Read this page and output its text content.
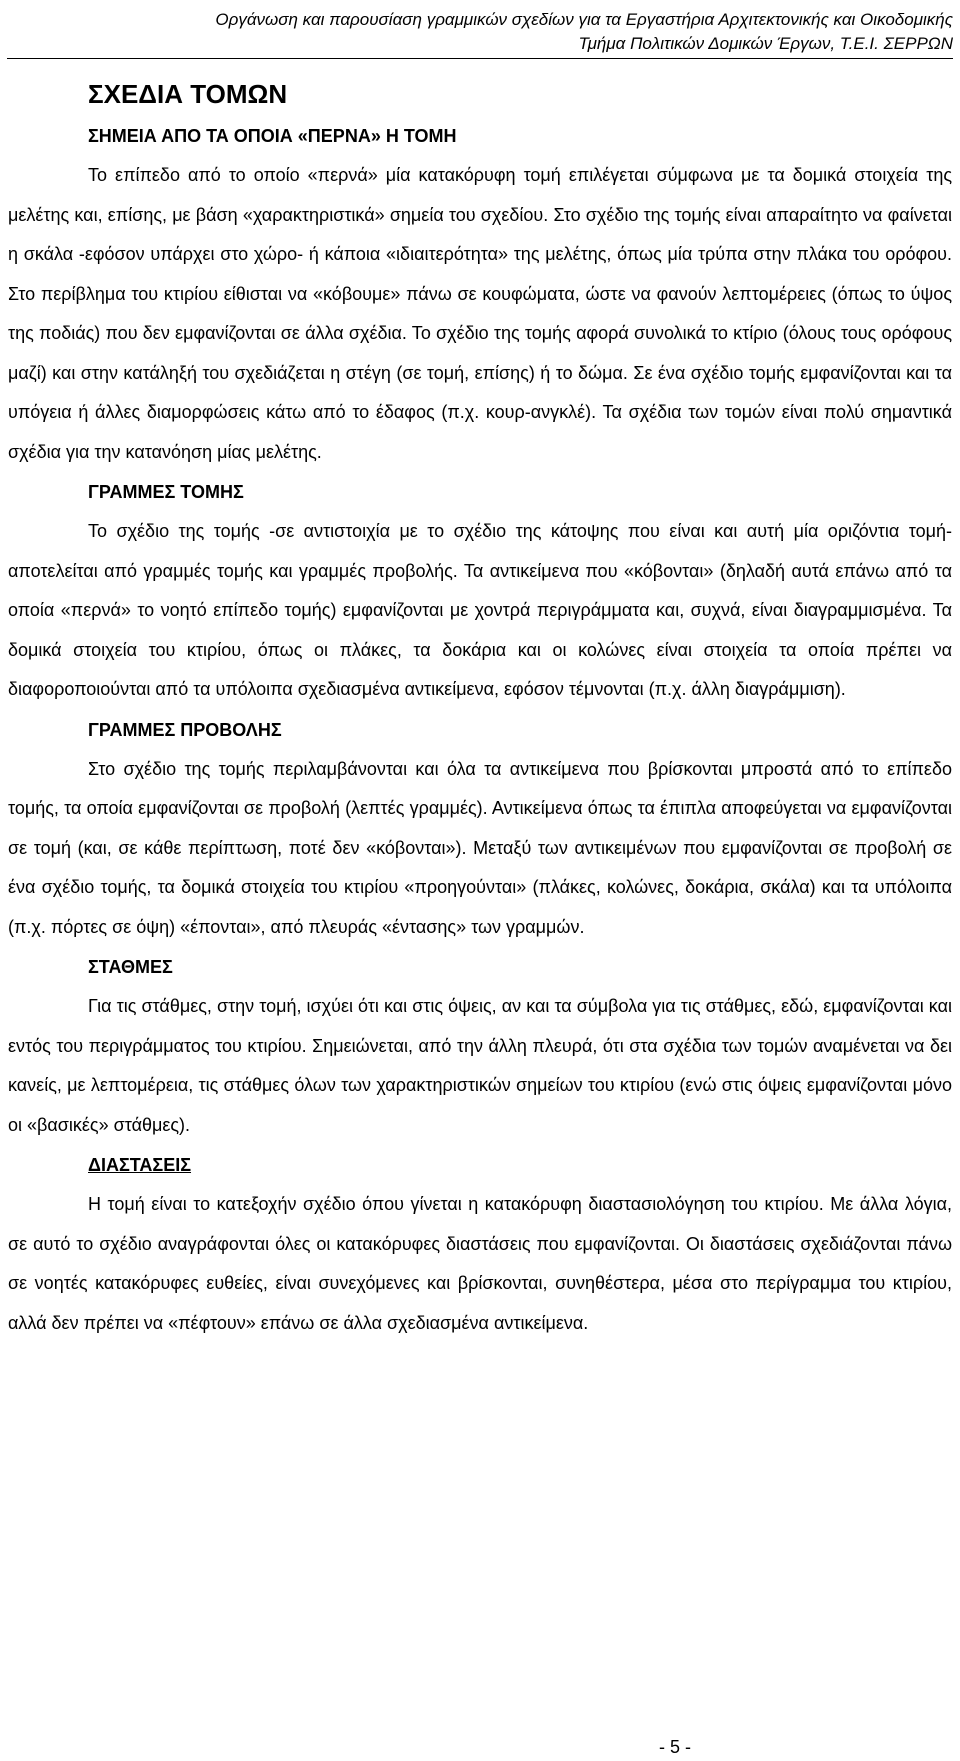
Οργάνωση και παρουσίαση γραμμικών σχεδίων για τα Εργαστήρια Αρχιτεκτονικής και Οικοδομικής
Τμήμα Πολιτικών Δομικών Έργων, Τ.Ε.Ι. ΣΕΡΡΩΝ
ΣΧΕΔΙΑ ΤΟΜΩΝ
ΣΗΜΕΙΑ ΑΠΟ ΤΑ ΟΠΟΙΑ «ΠΕΡΝΑ» Η ΤΟΜΗ

Το επίπεδο από το οποίο «περνά» μία κατακόρυφη τομή επιλέγεται σύμφωνα με τα δομικά στοιχεία της μελέτης και, επίσης, με βάση «χαρακτηριστικά» σημεία του σχεδίου. Στο σχέδιο της τομής είναι απαραίτητο να φαίνεται η σκάλα -εφόσον υπάρχει στο χώρο- ή κάποια «ιδιαιτερότητα» της μελέτης, όπως μία τρύπα στην πλάκα του ορόφου. Στο περίβλημα του κτιρίου είθισται να «κόβουμε» πάνω σε κουφώματα, ώστε να φανούν λεπτομέρειες (όπως το ύψος της ποδιάς) που δεν εμφανίζονται σε άλλα σχέδια. Το σχέδιο της τομής αφορά συνολικά το κτίριο (όλους τους ορόφους μαζί) και στην κατάληξή του σχεδιάζεται η στέγη (σε τομή, επίσης) ή το δώμα. Σε ένα σχέδιο τομής εμφανίζονται και τα υπόγεια ή άλλες διαμορφώσεις κάτω από το έδαφος (π.χ. κουρ-ανγκλέ). Τα σχέδια των τομών είναι πολύ σημαντικά σχέδια για την κατανόηση μίας μελέτης.

ΓΡΑΜΜΕΣ ΤΟΜΗΣ

Το σχέδιο της τομής -σε αντιστοιχία με το σχέδιο της κάτοψης που είναι και αυτή μία οριζόντια τομή- αποτελείται από γραμμές τομής και γραμμές προβολής. Τα αντικείμενα που «κόβονται» (δηλαδή αυτά επάνω από τα οποία «περνά» το νοητό επίπεδο τομής) εμφανίζονται με χοντρά περιγράμματα και, συχνά, είναι διαγραμμισμένα. Τα δομικά στοιχεία του κτιρίου, όπως οι πλάκες, τα δοκάρια και οι κολώνες είναι στοιχεία τα οποία πρέπει να διαφοροποιούνται από τα υπόλοιπα σχεδιασμένα αντικείμενα, εφόσον τέμνονται (π.χ. άλλη διαγράμμιση).

ΓΡΑΜΜΕΣ ΠΡΟΒΟΛΗΣ

Στο σχέδιο της τομής περιλαμβάνονται και όλα τα αντικείμενα που βρίσκονται μπροστά από το επίπεδο τομής, τα οποία εμφανίζονται σε προβολή (λεπτές γραμμές). Αντικείμενα όπως τα έπιπλα αποφεύγεται να εμφανίζονται σε τομή (και, σε κάθε περίπτωση, ποτέ δεν «κόβονται»). Μεταξύ των αντικειμένων που εμφανίζονται σε προβολή σε ένα σχέδιο τομής, τα δομικά στοιχεία του κτιρίου «προηγούνται» (πλάκες, κολώνες, δοκάρια, σκάλα) και τα υπόλοιπα (π.χ. πόρτες σε όψη) «έπονται», από πλευράς «έντασης» των γραμμών.

ΣΤΑΘΜΕΣ

Για τις στάθμες, στην τομή, ισχύει ότι και στις όψεις, αν και τα σύμβολα για τις στάθμες, εδώ, εμφανίζονται και εντός του περιγράμματος του κτιρίου. Σημειώνεται, από την άλλη πλευρά, ότι στα σχέδια των τομών αναμένεται να δει κανείς, με λεπτομέρεια, τις στάθμες όλων των χαρακτηριστικών σημείων του κτιρίου (ενώ στις όψεις εμφανίζονται μόνο οι «βασικές» στάθμες).

ΔΙΑΣΤΑΣΕΙΣ

Η τομή είναι το κατεξοχήν σχέδιο όπου γίνεται η κατακόρυφη διαστασιολόγηση του κτιρίου. Με άλλα λόγια, σε αυτό το σχέδιο αναγράφονται όλες οι κατακόρυφες διαστάσεις που εμφανίζονται. Οι διαστάσεις σχεδιάζονται πάνω σε νοητές κατακόρυφες ευθείες, είναι συνεχόμενες και βρίσκονται, συνηθέστερα, μέσα στο περίγραμμα του κτιρίου, αλλά δεν πρέπει να «πέφτουν» επάνω σε άλλα σχεδιασμένα αντικείμενα.

- 5 -
